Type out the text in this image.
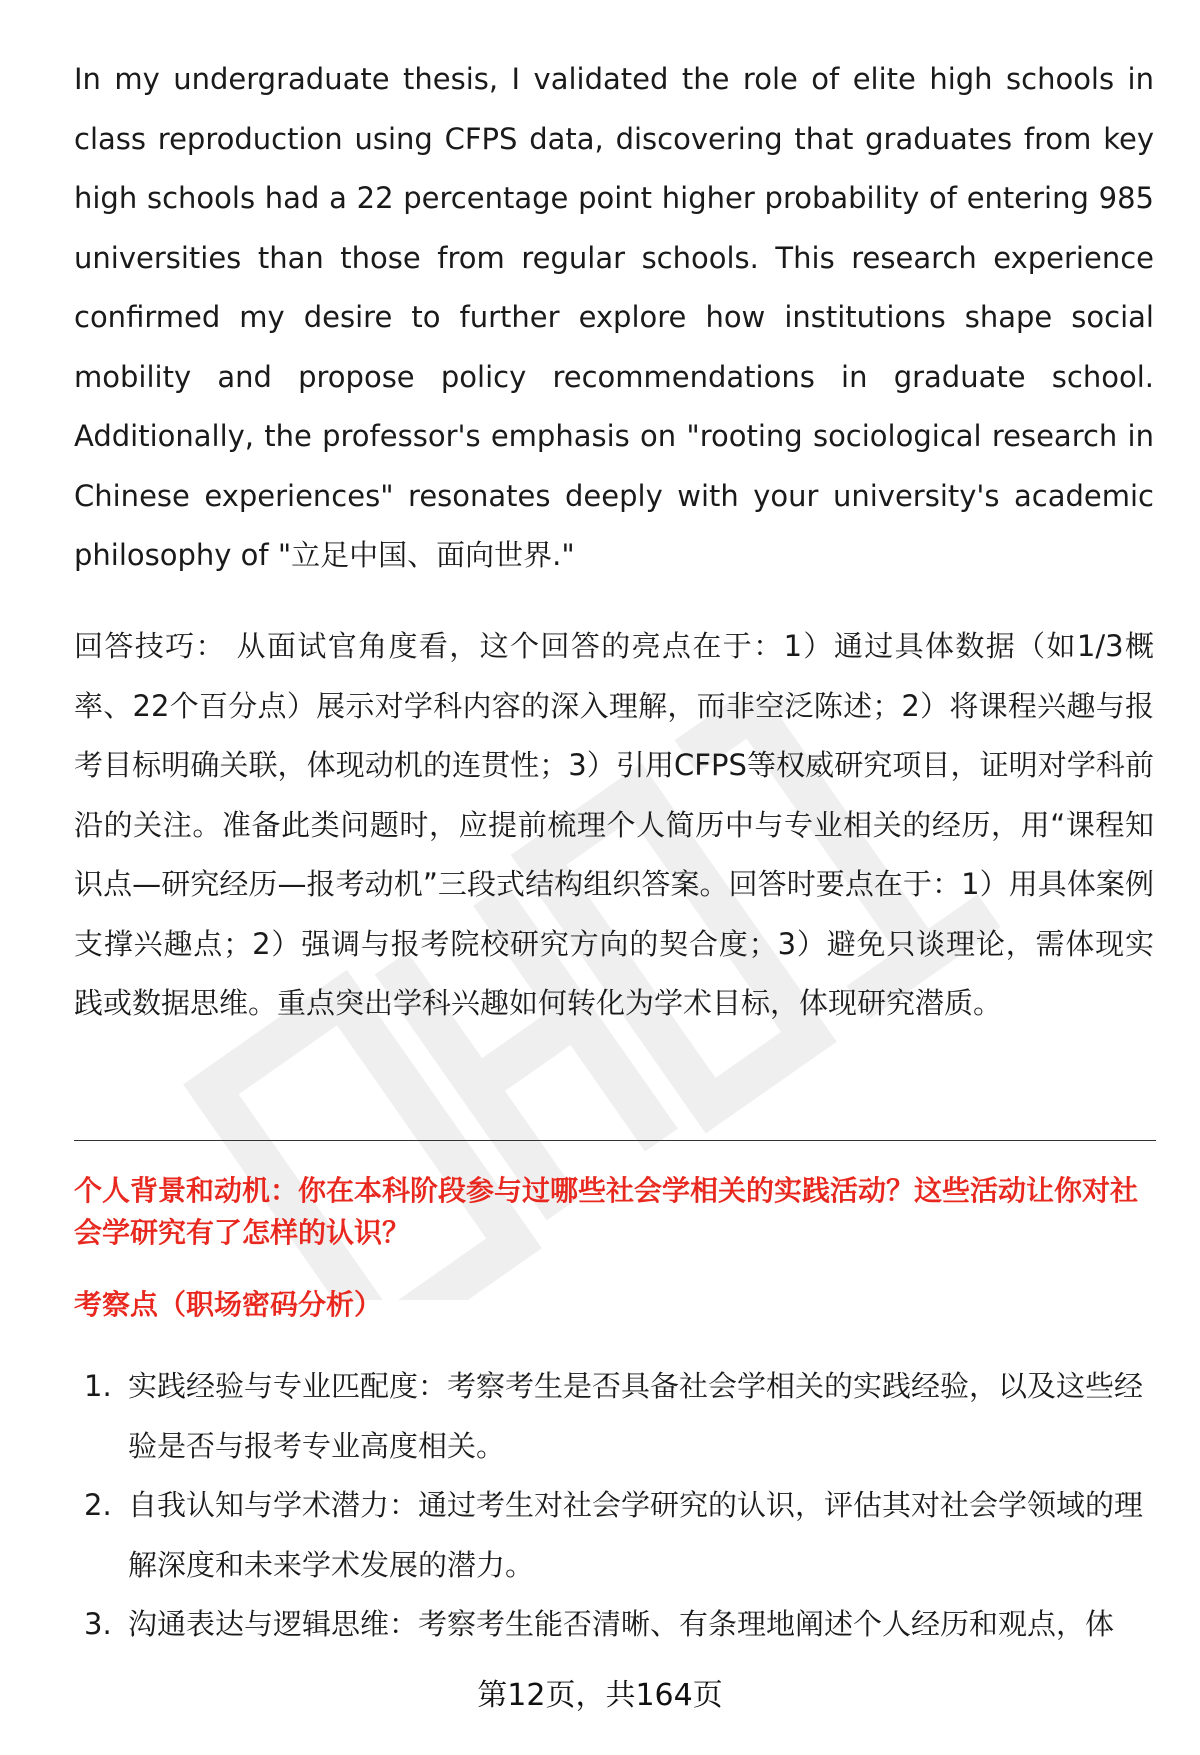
In my undergraduate thesis, I validated the role of elite high schools in class reproduction using CFPS data, discovering that graduates from key high schools had a 22 percentage point higher probability of entering 985 universities than those from regular schools. This research experience confirmed my desire to further explore how institutions shape social mobility and propose policy recommendations in graduate school. Additionally, the professor's emphasis on "rooting sociological research in Chinese experiences" resonates deeply with your university's academic philosophy of "立足中国、面向世界."

回答技巧： 从面试官角度看，这个回答的亮点在于：1）通过具体数据（如1/3概率、22个百分点）展示对学科内容的深入理解，而非空泛陈述；2）将课程兴趣与报考目标明确关联，体现动机的连贯性；3）引用CFPS等权威研究项目，证明对学科前沿的关注。准备此类问题时，应提前梳理个人简历中与专业相关的经历，用“课程知识点—研究经历—报考动机”三段式结构组织答案。回答时要点在于：1）用具体案例支撑兴趣点；2）强调与报考院校研究方向的契合度；3）避免只谈理论，需体现实践或数据思维。重点突出学科兴趣如何转化为学术目标，体现研究潜质。

个人背景和动机：你在本科阶段参与过哪些社会学相关的实践活动？这些活动让你对社会学研究有了怎样的认识？

考察点（职场密码分析）

1. 实践经验与专业匹配度：考察考生是否具备社会学相关的实践经验，以及这些经验是否与报考专业高度相关。
2. 自我认知与学术潜力：通过考生对社会学研究的认识，评估其对社会学领域的理解深度和未来学术发展的潜力。
3. 沟通表达与逻辑思维：考察考生能否清晰、有条理地阐述个人经历和观点，体
第12页，共164页
